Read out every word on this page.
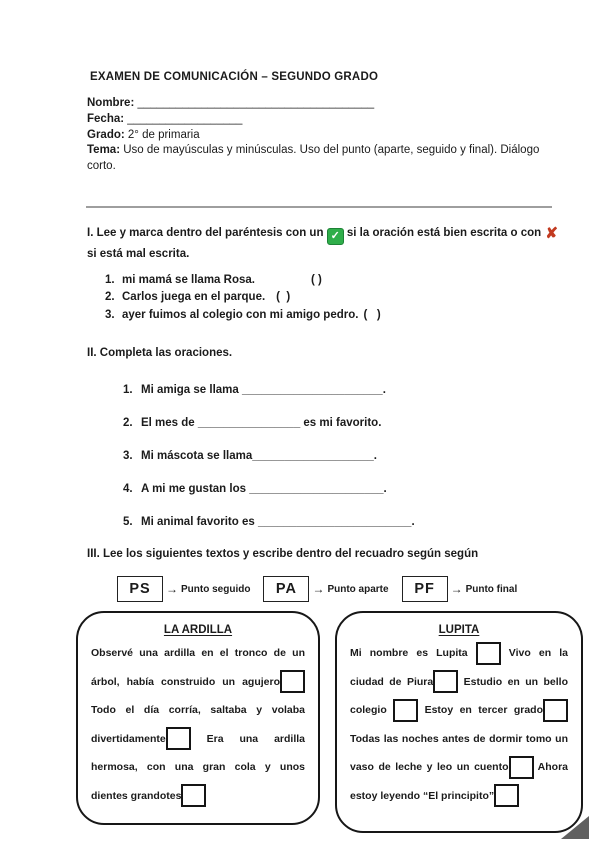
EXAMEN DE COMUNICACIÓN – SEGUNDO GRADO
Nombre: _____________________________________
Fecha: __________________
Grado: 2° de primaria
Tema: Uso de mayúsculas y minúsculas. Uso del punto (aparte, seguido y final). Diálogo corto.

I. Lee y marca dentro del paréntesis con un ✓ si la oración está bien escrita o con ✘ si está mal escrita.

1. mi mamá se llama Rosa.	( )
2. Carlos juega en el parque. (  )
3. ayer fuimos al colegio con mi amigo pedro. (   )

II. Completa las oraciones.

1. Mi amiga se llama ______________________.
2. El mes de ________________ es mi favorito.
3. Mi máscota se llama___________________.
4. A mi me gustan los _____________________.
5. Mi animal favorito es ________________________.
III. Lee los siguientes textos y escribe dentro del recuadro según según
PS	→ Punto seguido	PA	→ Punto aparte	PF	→ Punto final
LA ARDILLA

Observé una ardilla en el tronco de un árbol, había construido un agujero Todo el día corría, saltaba y volaba divertidamente Era una ardilla hermosa, con una gran cola y unos dientes grandotes

LUPITA

Mi nombre es Lupita  Vivo en la ciudad de Piura Estudio en un bello colegio  Estoy en tercer grado Todas las noches antes de dormir tomo un vaso de leche y leo un cuento Ahora estoy leyendo “El principito”
